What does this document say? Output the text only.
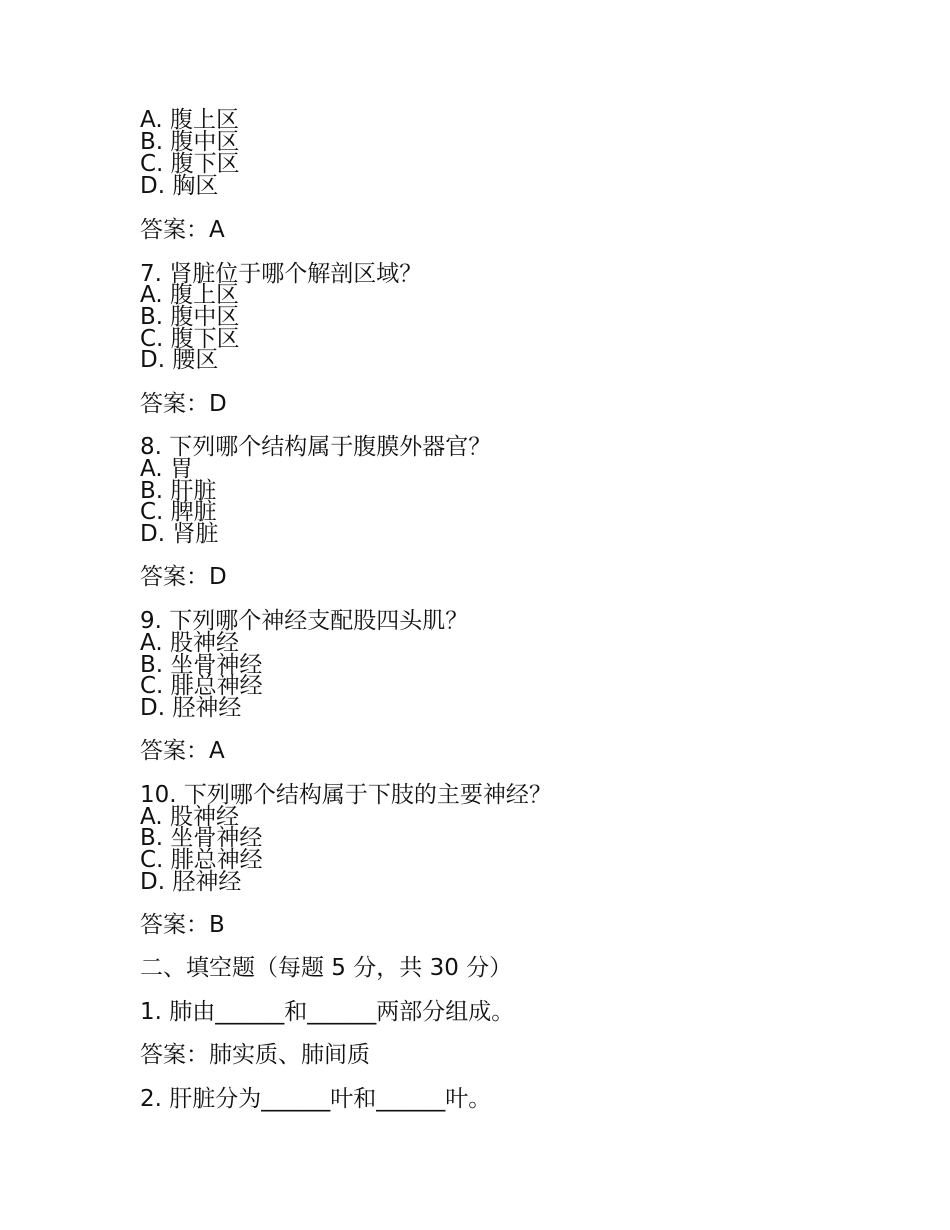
A. 腹上区
B. 腹中区
C. 腹下区
D. 胸区
答案：A
7. 肾脏位于哪个解剖区域？
A. 腹上区
B. 腹中区
C. 腹下区
D. 腰区
答案：D
8. 下列哪个结构属于腹膜外器官？
A. 胃
B. 肝脏
C. 脾脏
D. 肾脏
答案：D
9. 下列哪个神经支配股四头肌？
A. 股神经
B. 坐骨神经
C. 腓总神经
D. 胫神经
答案：A
10. 下列哪个结构属于下肢的主要神经？
A. 股神经
B. 坐骨神经
C. 腓总神经
D. 胫神经
答案：B
二、填空题（每题 5 分，共 30 分）
1. 肺由______和______两部分组成。
答案：肺实质、肺间质
2. 肝脏分为______叶和______叶。
